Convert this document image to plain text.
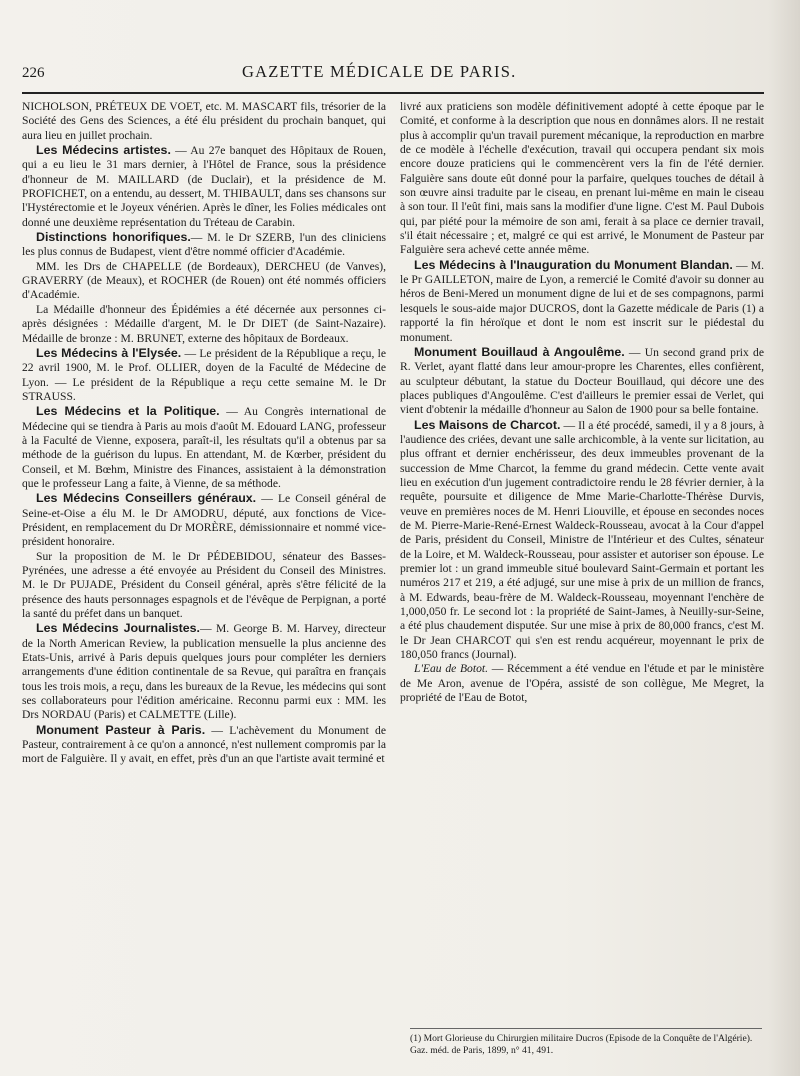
226	GAZETTE MÉDICALE DE PARIS.

NICHOLSON, PRÉTEUX DE VOET, etc. M. MASCART fils, trésorier de la Société des Gens des Sciences, a été élu président du prochain banquet, qui aura lieu en juillet prochain.

Les Médecins artistes. — Au 27e banquet des Hôpitaux de Rouen, qui a eu lieu le 31 mars dernier, à l'Hôtel de France, sous la présidence d'honneur de M. MAILLARD (de Duclair), et la présidence de M. PROFICHET, on a entendu, au dessert, M. THIBAULT, dans ses chansons sur l'Hystérectomie et le Joyeux vénérien. Après le dîner, les Folies médicales ont donné une deuxième représentation du Tréteau de Carabin.

Distinctions honorifiques.— M. le Dr SZERB, l'un des cliniciens les plus connus de Budapest, vient d'être nommé officier d'Académie.

MM. les Drs de CHAPELLE (de Bordeaux), DERCHEU (de Vanves), GRAVERRY (de Meaux), et ROCHER (de Rouen) ont été nommés officiers d'Académie.

La Médaille d'honneur des Épidémies a été décernée aux personnes ci-après désignées : Médaille d'argent, M. le Dr DIET (de Saint-Nazaire). Médaille de bronze : M. BRUNET, externe des hôpitaux de Bordeaux.

Les Médecins à l'Elysée. — Le président de la République a reçu, le 22 avril 1900, M. le Prof. OLLIER, doyen de la Faculté de Médecine de Lyon. — Le président de la République a reçu cette semaine M. le Dr STRAUSS.

Les Médecins et la Politique. — Au Congrès international de Médecine qui se tiendra à Paris au mois d'août M. Edouard LANG, professeur à la Faculté de Vienne, exposera, paraît-il, les résultats qu'il a obtenus par sa méthode de la guérison du lupus. En attendant, M. de Kœrber, président du Conseil, et M. Bœhm, Ministre des Finances, assistaient à la démonstration que le professeur Lang a faite, à Vienne, de sa méthode.

Les Médecins Conseillers généraux. — Le Conseil général de Seine-et-Oise a élu M. le Dr AMODRU, député, aux fonctions de Vice-Président, en remplacement du Dr MORÈRE, démissionnaire et nommé vice-président honoraire.

Sur la proposition de M. le Dr PÉDEBIDOU, sénateur des Basses-Pyrénées, une adresse a été envoyée au Président du Conseil des Ministres. M. le Dr PUJADE, Président du Conseil général, après s'être félicité de la présence des hauts personnages espagnols et de l'évêque de Perpignan, a porté la santé du préfet dans un banquet.

Les Médecins Journalistes.— M. George B. M. Harvey, directeur de la North American Review, la publication mensuelle la plus ancienne des Etats-Unis, arrivé à Paris depuis quelques jours pour compléter les derniers arrangements d'une édition continentale de sa Revue, qui paraîtra en français tous les trois mois, a reçu, dans les bureaux de la Revue, les médecins qui sont ses collaborateurs pour l'édition américaine. Reconnu parmi eux : MM. les Drs NORDAU (Paris) et CALMETTE (Lille).

Monument Pasteur à Paris. — L'achèvement du Monument de Pasteur, contrairement à ce qu'on a annoncé, n'est nullement compromis par la mort de Falguière. Il y avait, en effet, près d'un an que l'artiste avait terminé et

livré aux praticiens son modèle définitivement adopté à cette époque par le Comité, et conforme à la description que nous en donnâmes alors. Il ne restait plus à accomplir qu'un travail purement mécanique, la reproduction en marbre de ce modèle à l'échelle d'exécution, travail qui occupera pendant six mois encore douze praticiens qui le commencèrent vers la fin de l'été dernier. Falguière sans doute eût donné pour la parfaire, quelques touches de détail à son œuvre ainsi traduite par le ciseau, en prenant lui-même en main le ciseau à son tour. Il l'eût fini, mais sans la modifier d'une ligne. C'est M. Paul Dubois qui, par piété pour la mémoire de son ami, ferait à sa place ce dernier travail, s'il était nécessaire ; et, malgré ce qui est arrivé, le Monument de Pasteur par Falguière sera achevé cette année même.

Les Médecins à l'Inauguration du Monument Blandan. — M. le Pr GAILLETON, maire de Lyon, a remercié le Comité d'avoir su donner au héros de Beni-Mered un monument digne de lui et de ses compagnons, parmi lesquels le sous-aide major DUCROS, dont la Gazette médicale de Paris (1) a rapporté la fin héroïque et dont le nom est inscrit sur le piédestal du monument.

Monument Bouillaud à Angoulême. — Un second grand prix de R. Verlet, ayant flatté dans leur amour-propre les Charentes, elles confièrent, au sculpteur débutant, la statue du Docteur Bouillaud, qui décore une des places publiques d'Angoulême. C'est d'ailleurs le premier essai de Verlet, qui vient d'obtenir la médaille d'honneur au Salon de 1900 pour sa belle fontaine.

Les Maisons de Charcot. — Il a été procédé, samedi, il y a 8 jours, à l'audience des criées, devant une salle archicomble, à la vente sur licitation, au plus offrant et dernier enchérisseur, des deux immeubles provenant de la succession de Mme Charcot, la femme du grand médecin. Cette vente avait lieu en exécution d'un jugement contradictoire rendu le 28 février dernier, à la requête, poursuite et diligence de Mme Marie-Charlotte-Thérèse Durvis, veuve en premières noces de M. Henri Liouville, et épouse en secondes noces de M. Pierre-Marie-René-Ernest Waldeck-Rousseau, avocat à la Cour d'appel de Paris, président du Conseil, Ministre de l'Intérieur et des Cultes, sénateur de la Loire, et M. Waldeck-Rousseau, pour assister et autoriser son épouse. Le premier lot : un grand immeuble situé boulevard Saint-Germain et portant les numéros 217 et 219, a été adjugé, sur une mise à prix de un million de francs, à M. Edwards, beau-frère de M. Waldeck-Rousseau, moyennant l'enchère de 1,000,050 fr. Le second lot : la propriété de Saint-James, à Neuilly-sur-Seine, a été plus chaudement disputée. Sur une mise à prix de 80,000 francs, c'est M. le Dr Jean CHARCOT qui s'en est rendu acquéreur, moyennant le prix de 180,050 francs (Journal).

L'Eau de Botot. — Récemment a été vendue en l'étude et par le ministère de Me Aron, avenue de l'Opéra, assisté de son collègue, Me Megret, la propriété de l'Eau de Botot,

(1) Mort Glorieuse du Chirurgien militaire Ducros (Episode de la Conquête de l'Algérie). Gaz. méd. de Paris, 1899, n° 41, 491.
